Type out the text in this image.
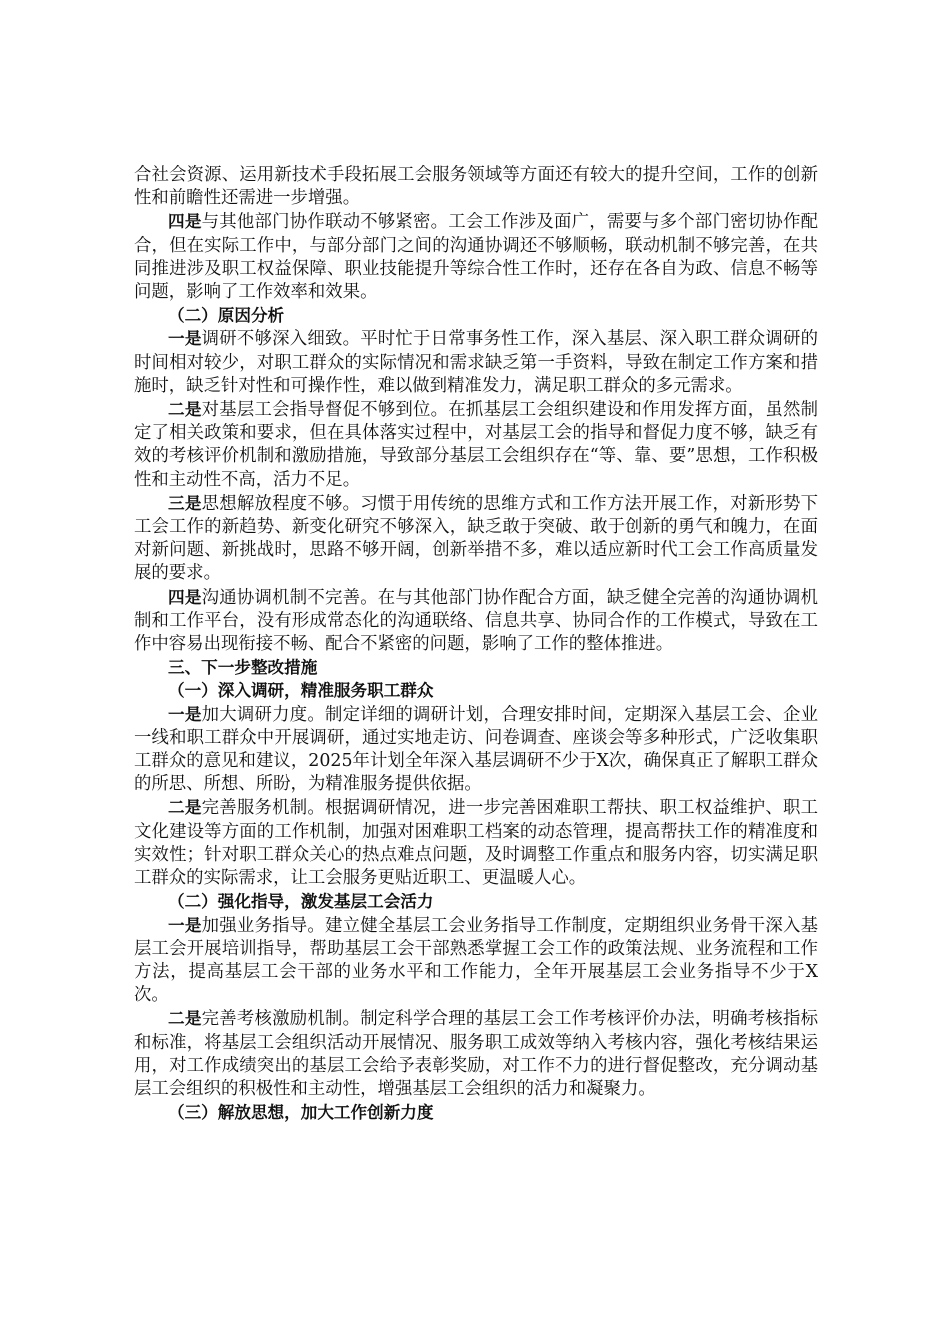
合社会资源、运用新技术手段拓展工会服务领域等方面还有较大的提升空间，工作的创新性和前瞻性还需进一步增强。

四是与其他部门协作联动不够紧密。工会工作涉及面广，需要与多个部门密切协作配合，但在实际工作中，与部分部门之间的沟通协调还不够顺畅，联动机制不够完善，在共同推进涉及职工权益保障、职业技能提升等综合性工作时，还存在各自为政、信息不畅等问题，影响了工作效率和效果。

（二）原因分析

一是调研不够深入细致。平时忙于日常事务性工作，深入基层、深入职工群众调研的时间相对较少，对职工群众的实际情况和需求缺乏第一手资料，导致在制定工作方案和措施时，缺乏针对性和可操作性，难以做到精准发力，满足职工群众的多元需求。

二是对基层工会指导督促不够到位。在抓基层工会组织建设和作用发挥方面，虽然制定了相关政策和要求，但在具体落实过程中，对基层工会的指导和督促力度不够，缺乏有效的考核评价机制和激励措施，导致部分基层工会组织存在“等、靠、要”思想，工作积极性和主动性不高，活力不足。

三是思想解放程度不够。习惯于用传统的思维方式和工作方法开展工作，对新形势下工会工作的新趋势、新变化研究不够深入，缺乏敢于突破、敢于创新的勇气和魄力，在面对新问题、新挑战时，思路不够开阔，创新举措不多，难以适应新时代工会工作高质量发展的要求。

四是沟通协调机制不完善。在与其他部门协作配合方面，缺乏健全完善的沟通协调机制和工作平台，没有形成常态化的沟通联络、信息共享、协同合作的工作模式，导致在工作中容易出现衔接不畅、配合不紧密的问题，影响了工作的整体推进。

三、下一步整改措施

（一）深入调研，精准服务职工群众

一是加大调研力度。制定详细的调研计划，合理安排时间，定期深入基层工会、企业一线和职工群众中开展调研，通过实地走访、问卷调查、座谈会等多种形式，广泛收集职工群众的意见和建议，2025年计划全年深入基层调研不少于X次，确保真正了解职工群众的所思、所想、所盼，为精准服务提供依据。

二是完善服务机制。根据调研情况，进一步完善困难职工帮扶、职工权益维护、职工文化建设等方面的工作机制，加强对困难职工档案的动态管理，提高帮扶工作的精准度和实效性；针对职工群众关心的热点难点问题，及时调整工作重点和服务内容，切实满足职工群众的实际需求，让工会服务更贴近职工、更温暖人心。

（二）强化指导，激发基层工会活力

一是加强业务指导。建立健全基层工会业务指导工作制度，定期组织业务骨干深入基层工会开展培训指导，帮助基层工会干部熟悉掌握工会工作的政策法规、业务流程和工作方法，提高基层工会干部的业务水平和工作能力，全年开展基层工会业务指导不少于X次。

二是完善考核激励机制。制定科学合理的基层工会工作考核评价办法，明确考核指标和标准，将基层工会组织活动开展情况、服务职工成效等纳入考核内容，强化考核结果运用，对工作成绩突出的基层工会给予表彰奖励，对工作不力的进行督促整改，充分调动基层工会组织的积极性和主动性，增强基层工会组织的活力和凝聚力。

（三）解放思想，加大工作创新力度
